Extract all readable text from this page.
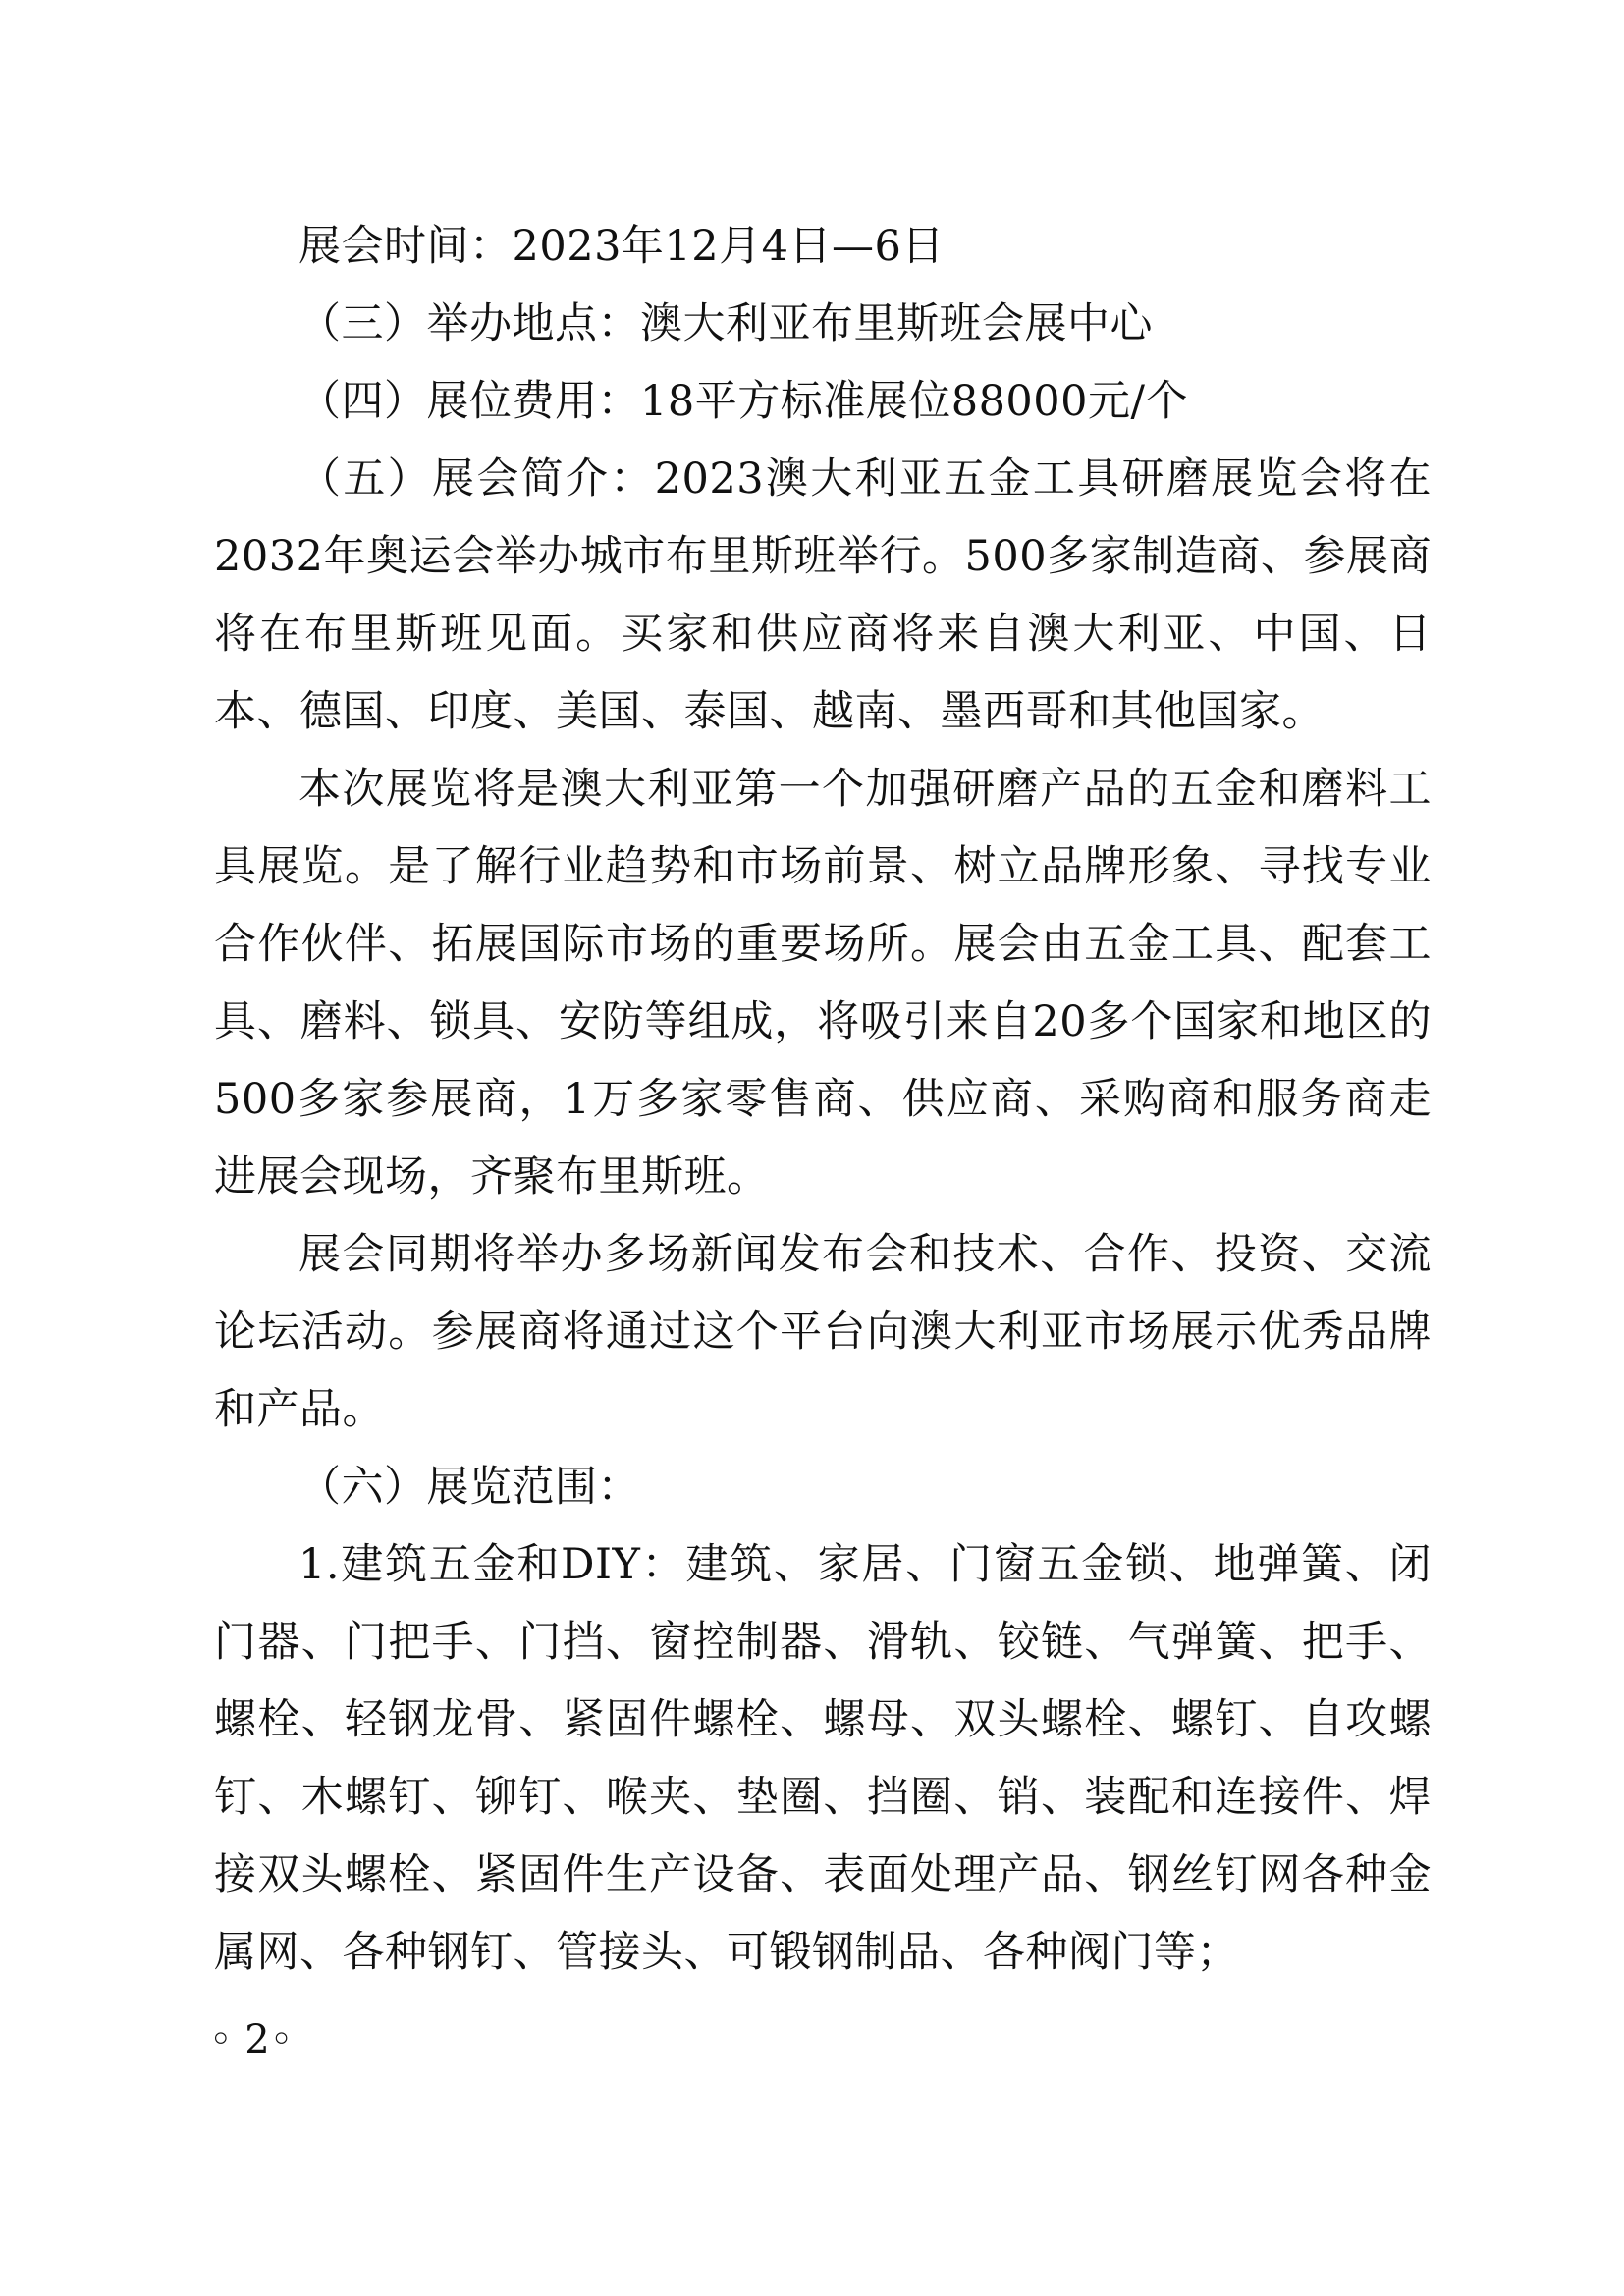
展会时间：2023年12月4日—6日

（三）举办地点：澳大利亚布里斯班会展中心

（四）展位费用：18平方标准展位88000元/个

（五）展会简介：2023澳大利亚五金工具研磨展览会将在2032年奥运会举办城市布里斯班举行。500多家制造商、参展商将在布里斯班见面。买家和供应商将来自澳大利亚、中国、日本、德国、印度、美国、泰国、越南、墨西哥和其他国家。

本次展览将是澳大利亚第一个加强研磨产品的五金和磨料工具展览。是了解行业趋势和市场前景、树立品牌形象、寻找专业合作伙伴、拓展国际市场的重要场所。展会由五金工具、配套工具、磨料、锁具、安防等组成，将吸引来自20多个国家和地区的500多家参展商，1万多家零售商、供应商、采购商和服务商走进展会现场，齐聚布里斯班。

展会同期将举办多场新闻发布会和技术、合作、投资、交流论坛活动。参展商将通过这个平台向澳大利亚市场展示优秀品牌和产品。

（六）展览范围：

1.建筑五金和DIY：建筑、家居、门窗五金锁、地弹簧、闭门器、门把手、门挡、窗控制器、滑轨、铰链、气弹簧、把手、螺栓、轻钢龙骨、紧固件螺栓、螺母、双头螺栓、螺钉、自攻螺钉、木螺钉、铆钉、喉夹、垫圈、挡圈、销、装配和连接件、焊接双头螺栓、紧固件生产设备、表面处理产品、钢丝钉网各种金属网、各种钢钉、管接头、可锻钢制品、各种阀门等；

◦ 2◦
